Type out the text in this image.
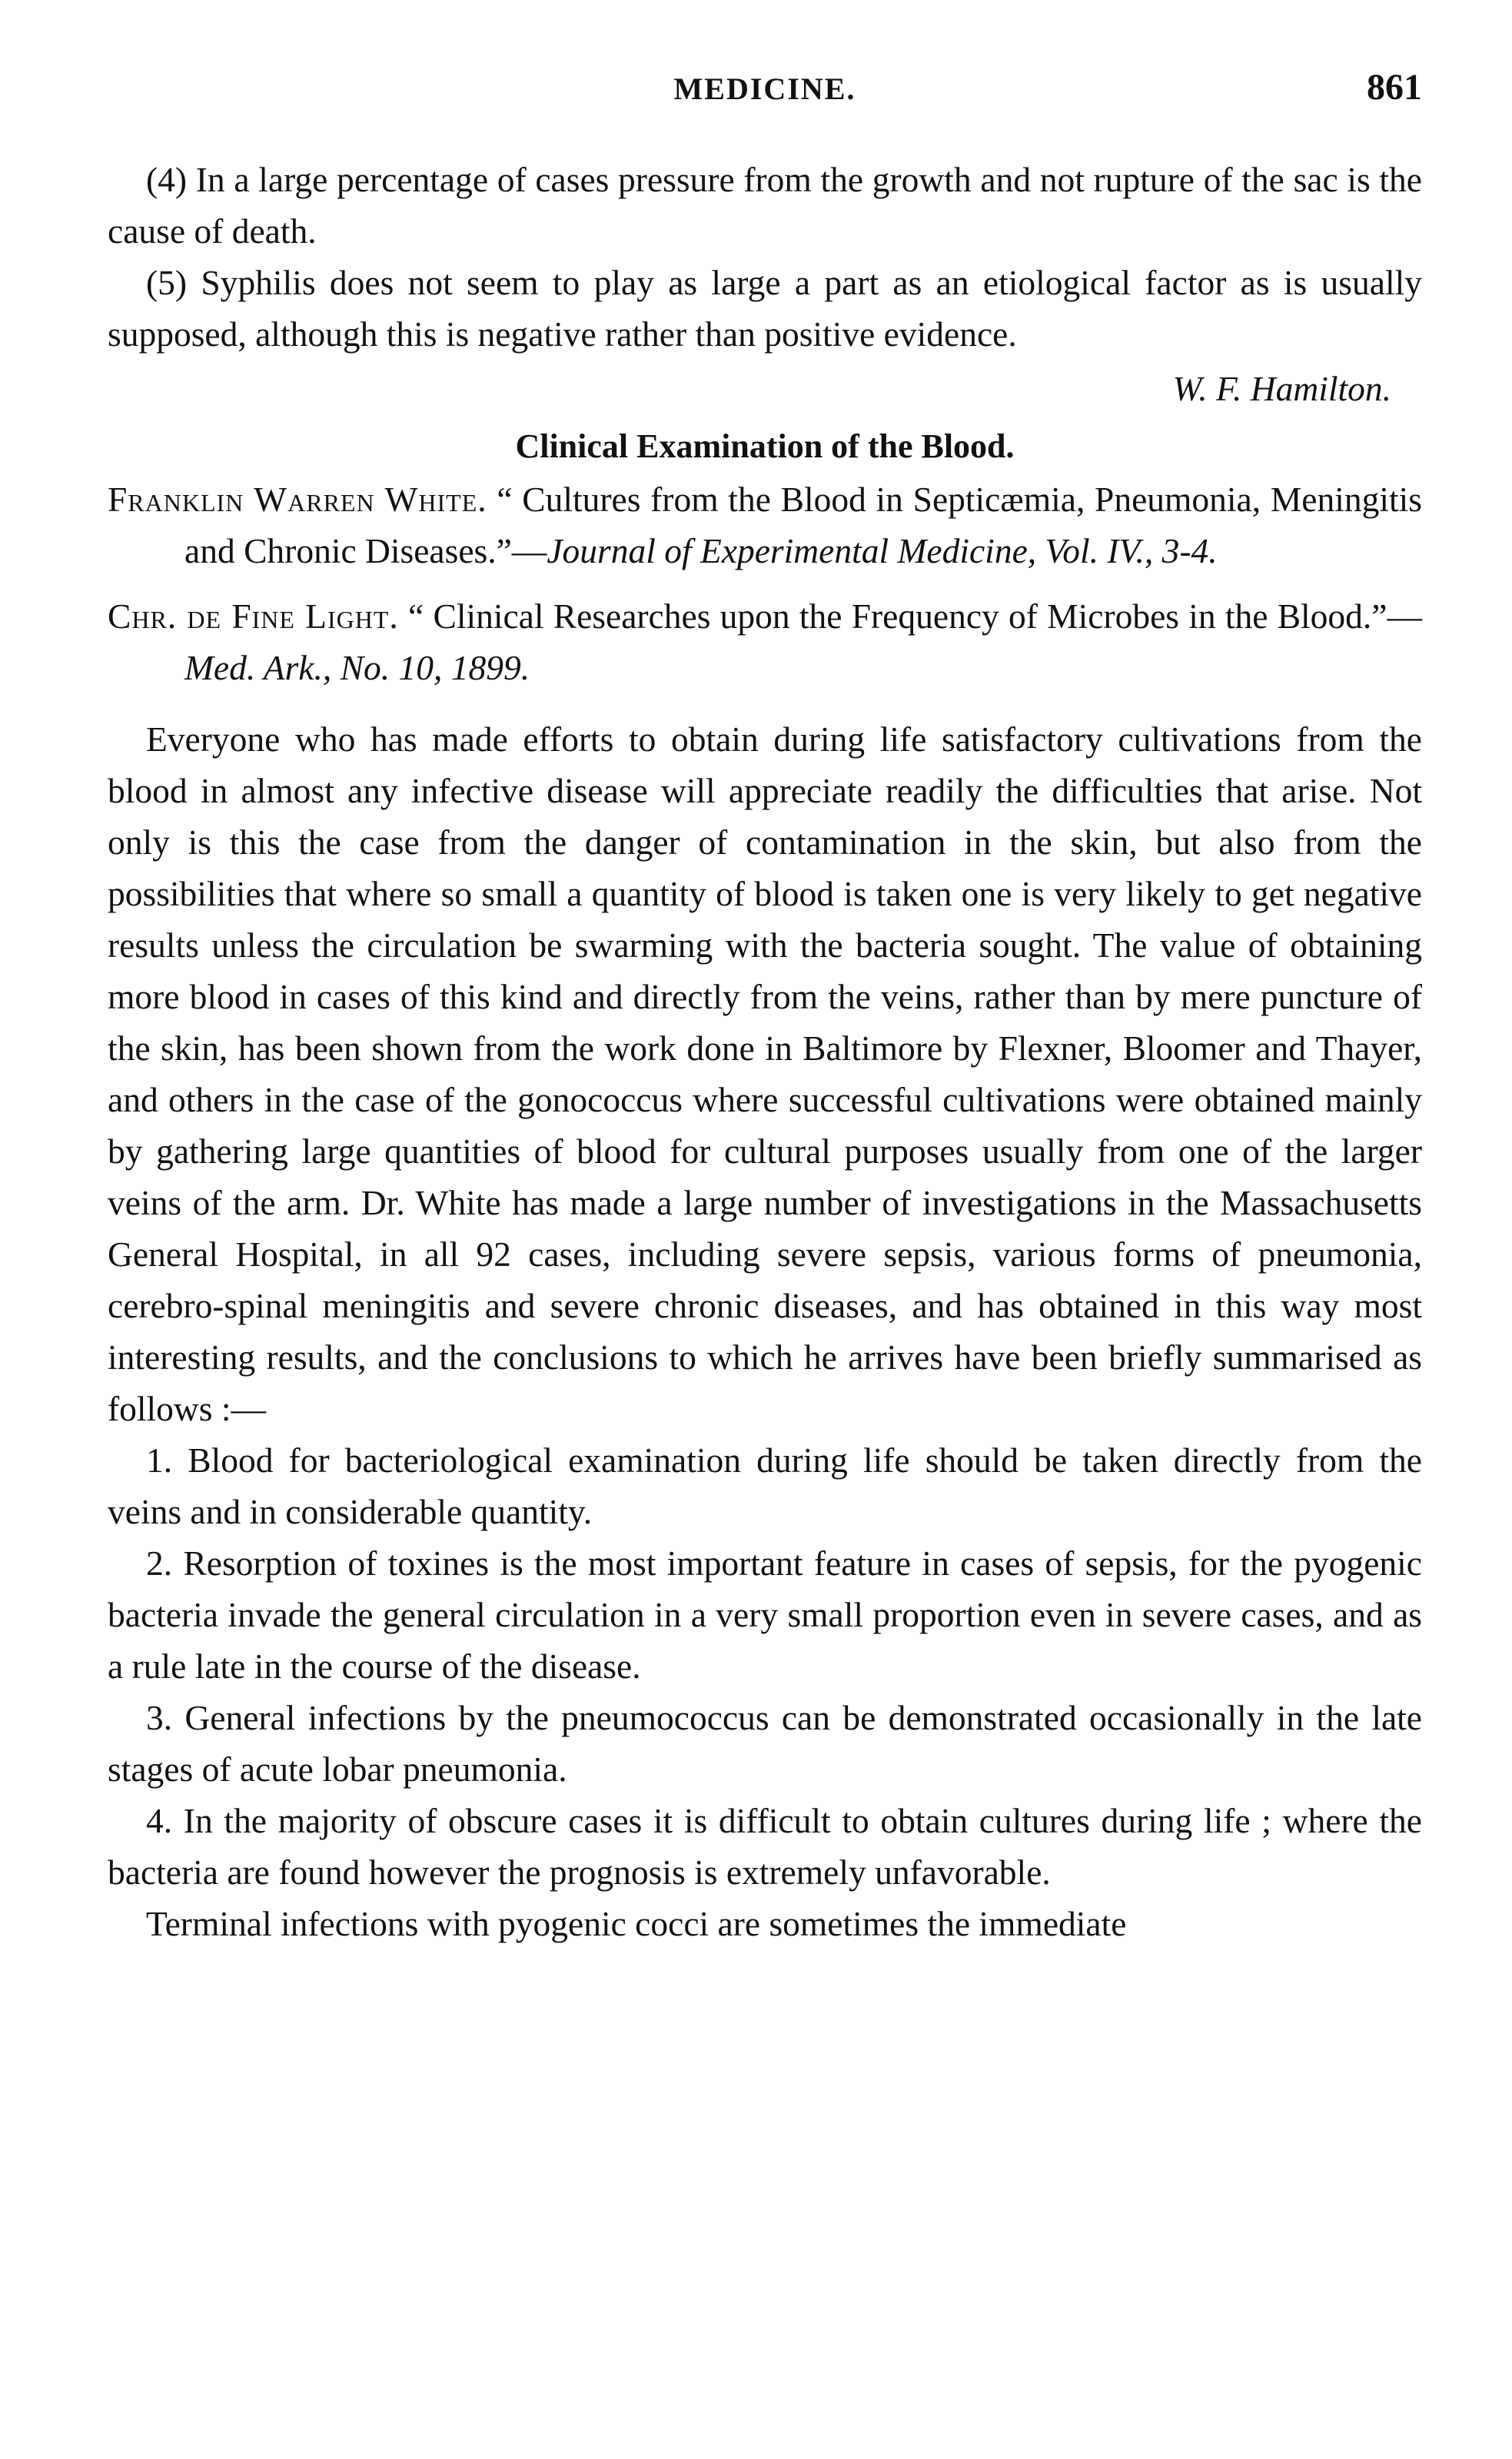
MEDICINE.	861

(4) In a large percentage of cases pressure from the growth and not rupture of the sac is the cause of death.

(5) Syphilis does not seem to play as large a part as an etiological factor as is usually supposed, although this is negative rather than positive evidence.

W. F. Hamilton.

Clinical Examination of the Blood.

Franklin Warren White. “ Cultures from the Blood in Septicæmia, Pneumonia, Meningitis and Chronic Diseases.”—Journal of Experimental Medicine, Vol. IV., 3-4.

Chr. de Fine Light. “ Clinical Researches upon the Frequency of Microbes in the Blood.”—Med. Ark., No. 10, 1899.

Everyone who has made efforts to obtain during life satisfactory cultivations from the blood in almost any infective disease will appreciate readily the difficulties that arise. Not only is this the case from the danger of contamination in the skin, but also from the possibilities that where so small a quantity of blood is taken one is very likely to get negative results unless the circulation be swarming with the bacteria sought. The value of obtaining more blood in cases of this kind and directly from the veins, rather than by mere puncture of the skin, has been shown from the work done in Baltimore by Flexner, Bloomer and Thayer, and others in the case of the gonococcus where successful cultivations were obtained mainly by gathering large quantities of blood for cultural purposes usually from one of the larger veins of the arm. Dr. White has made a large number of investigations in the Massachusetts General Hospital, in all 92 cases, including severe sepsis, various forms of pneumonia, cerebro-spinal meningitis and severe chronic diseases, and has obtained in this way most interesting results, and the conclusions to which he arrives have been briefly summarised as follows :—

1. Blood for bacteriological examination during life should be taken directly from the veins and in considerable quantity.

2. Resorption of toxines is the most important feature in cases of sepsis, for the pyogenic bacteria invade the general circulation in a very small proportion even in severe cases, and as a rule late in the course of the disease.

3. General infections by the pneumococcus can be demonstrated occasionally in the late stages of acute lobar pneumonia.

4. In the majority of obscure cases it is difficult to obtain cultures during life ; where the bacteria are found however the prognosis is extremely unfavorable.

Terminal infections with pyogenic cocci are sometimes the immediate
